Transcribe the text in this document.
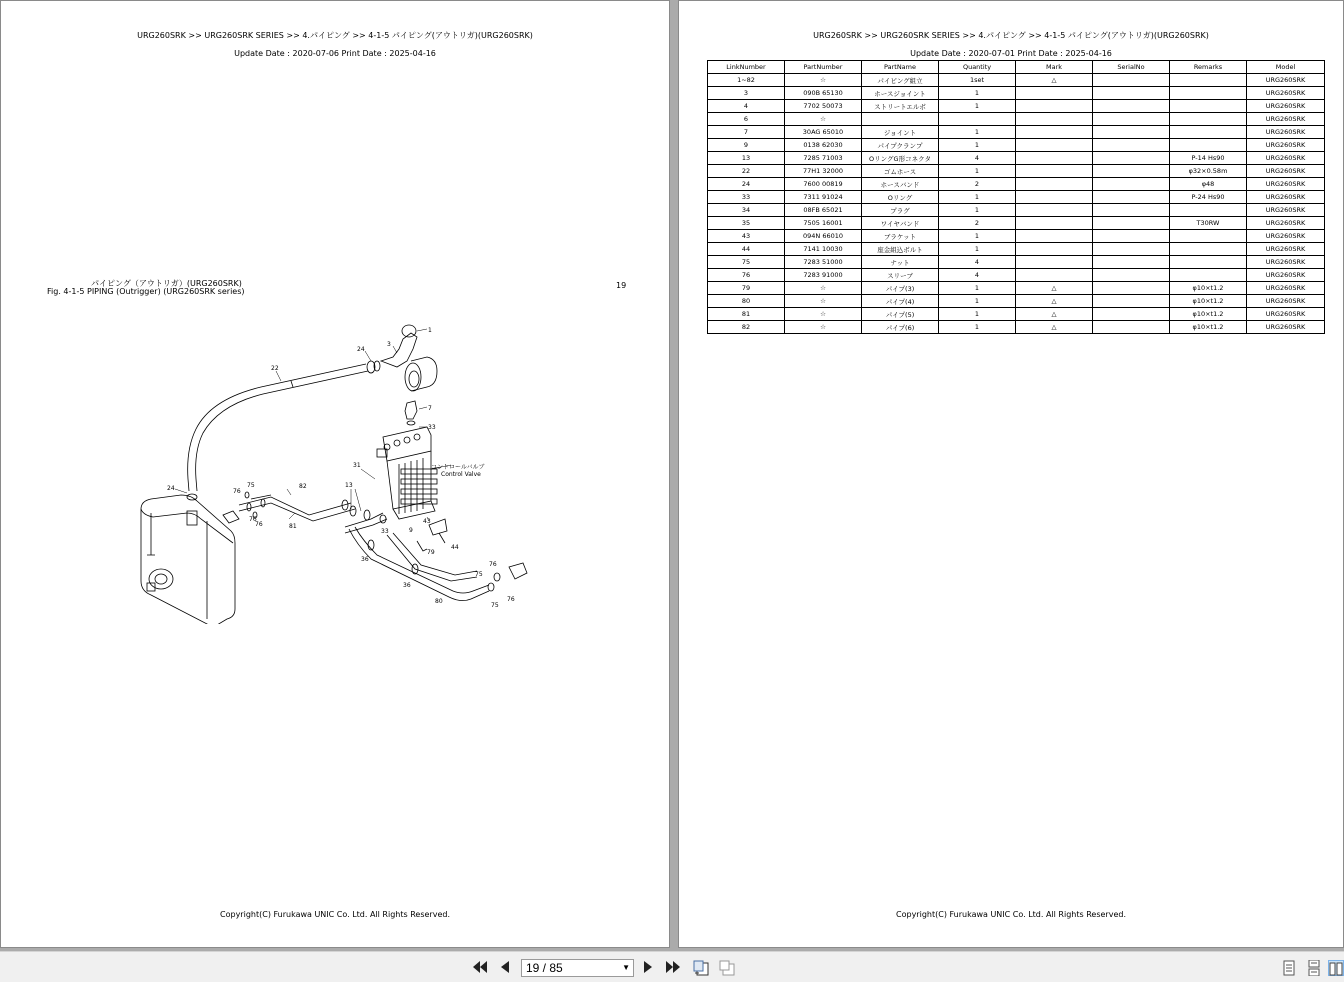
URG260SRK >> URG260SRK SERIES >> 4.パイピング >> 4-1-5 パイピング(アウトリガ)(URG260SRK)
Update Date : 2020-07-06 Print Date : 2025-04-16
パイピング（アウトリガ）(URG260SRK)
Fig. 4-1-5 PIPING (Outrigger) (URG260SRK series)
19
1
3
24
22
7
33
31
13
24	76
75
76
76
82
81
33
43
9
44
79
36
36
80
76
75
76
75
コントロールバルブ
Control Valve
Copyright(C) Furukawa UNIC Co. Ltd. All Rights Reserved.
URG260SRK >> URG260SRK SERIES >> 4.パイピング >> 4-1-5 パイピング(アウトリガ)(URG260SRK)
Update Date : 2020-07-01 Print Date : 2025-04-16
LinkNumber	PartNumber	PartName	Quantity	Mark	SerialNo	Remarks	Model
1~82	☆	パイピング組立	1set	△			URG260SRK
3	090B 65130	ホースジョイント	1				URG260SRK
4	7702 50073	ストリートエルボ	1				URG260SRK
6	☆						URG260SRK
7	30AG 65010	ジョイント	1				URG260SRK
9	0138 62030	パイプクランプ	1				URG260SRK
13	7285 71003	OリングG形コネクタ	4			P-14 Hs90	URG260SRK
22	77H1 32000	ゴムホース	1			φ32×0.58m	URG260SRK
24	7600 00819	ホースバンド	2			φ48	URG260SRK
33	7311 91024	Oリング	1			P-24 Hs90	URG260SRK
34	08FB 65021	プラグ	1				URG260SRK
35	7505 16001	ワイヤバンド	2			T30RW	URG260SRK
43	094N 66010	ブラケット	1				URG260SRK
44	7141 10030	座金組込ボルト	1				URG260SRK
75	7283 51000	ナット	4				URG260SRK
76	7283 91000	スリーブ	4				URG260SRK
79	☆	パイプ(3)	1	△		φ10×t1.2	URG260SRK
80	☆	パイプ(4)	1	△		φ10×t1.2	URG260SRK
81	☆	パイプ(5)	1	△		φ10×t1.2	URG260SRK
82	☆	パイプ(6)	1	△		φ10×t1.2	URG260SRK
Copyright(C) Furukawa UNIC Co. Ltd. All Rights Reserved.
19 / 85	▼
